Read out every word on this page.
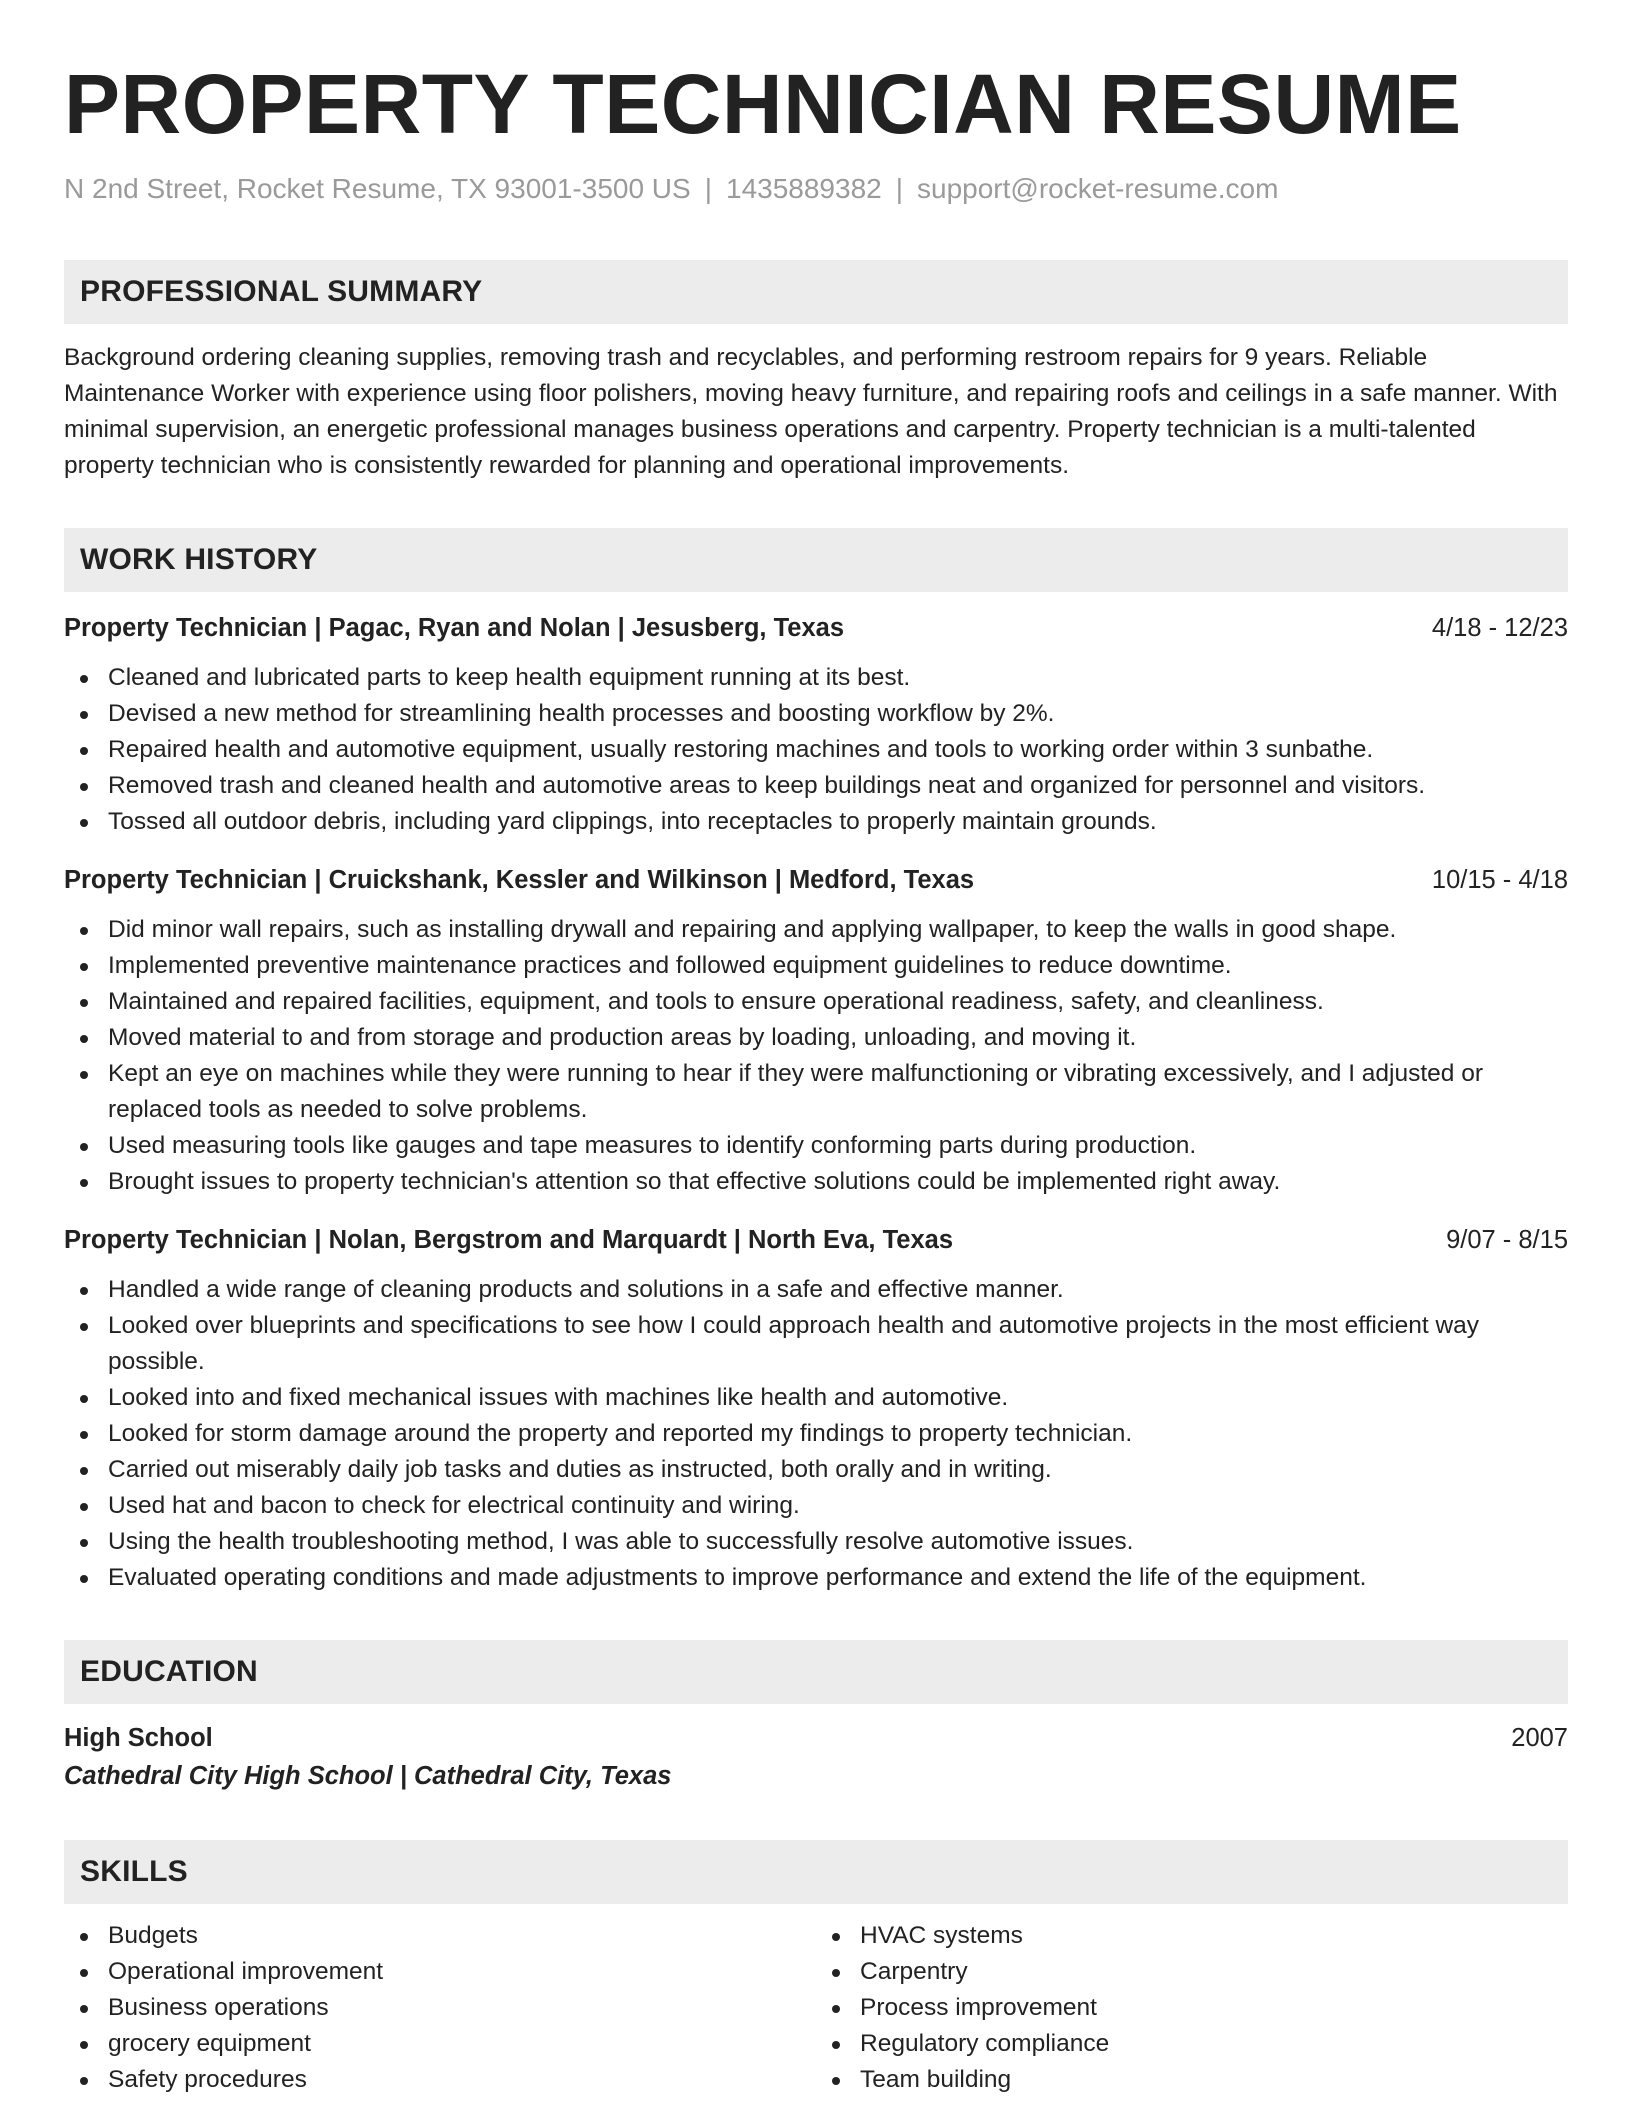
PROPERTY TECHNICIAN RESUME
N 2nd Street, Rocket Resume, TX 93001-3500 US | 1435889382 | support@rocket-resume.com
PROFESSIONAL SUMMARY
Background ordering cleaning supplies, removing trash and recyclables, and performing restroom repairs for 9 years. Reliable Maintenance Worker with experience using floor polishers, moving heavy furniture, and repairing roofs and ceilings in a safe manner. With minimal supervision, an energetic professional manages business operations and carpentry. Property technician is a multi-talented property technician who is consistently rewarded for planning and operational improvements.
WORK HISTORY
Property Technician | Pagac, Ryan and Nolan | Jesusberg, Texas	4/18 - 12/23
Cleaned and lubricated parts to keep health equipment running at its best.
Devised a new method for streamlining health processes and boosting workflow by 2%.
Repaired health and automotive equipment, usually restoring machines and tools to working order within 3 sunbathe.
Removed trash and cleaned health and automotive areas to keep buildings neat and organized for personnel and visitors.
Tossed all outdoor debris, including yard clippings, into receptacles to properly maintain grounds.
Property Technician | Cruickshank, Kessler and Wilkinson | Medford, Texas	10/15 - 4/18
Did minor wall repairs, such as installing drywall and repairing and applying wallpaper, to keep the walls in good shape.
Implemented preventive maintenance practices and followed equipment guidelines to reduce downtime.
Maintained and repaired facilities, equipment, and tools to ensure operational readiness, safety, and cleanliness.
Moved material to and from storage and production areas by loading, unloading, and moving it.
Kept an eye on machines while they were running to hear if they were malfunctioning or vibrating excessively, and I adjusted or replaced tools as needed to solve problems.
Used measuring tools like gauges and tape measures to identify conforming parts during production.
Brought issues to property technician's attention so that effective solutions could be implemented right away.
Property Technician | Nolan, Bergstrom and Marquardt | North Eva, Texas	9/07 - 8/15
Handled a wide range of cleaning products and solutions in a safe and effective manner.
Looked over blueprints and specifications to see how I could approach health and automotive projects in the most efficient way possible.
Looked into and fixed mechanical issues with machines like health and automotive.
Looked for storm damage around the property and reported my findings to property technician.
Carried out miserably daily job tasks and duties as instructed, both orally and in writing.
Used hat and bacon to check for electrical continuity and wiring.
Using the health troubleshooting method, I was able to successfully resolve automotive issues.
Evaluated operating conditions and made adjustments to improve performance and extend the life of the equipment.
EDUCATION
High School	2007
Cathedral City High School | Cathedral City, Texas
SKILLS
Budgets
Operational improvement
Business operations
grocery equipment
Safety procedures
HVAC systems
Carpentry
Process improvement
Regulatory compliance
Team building
